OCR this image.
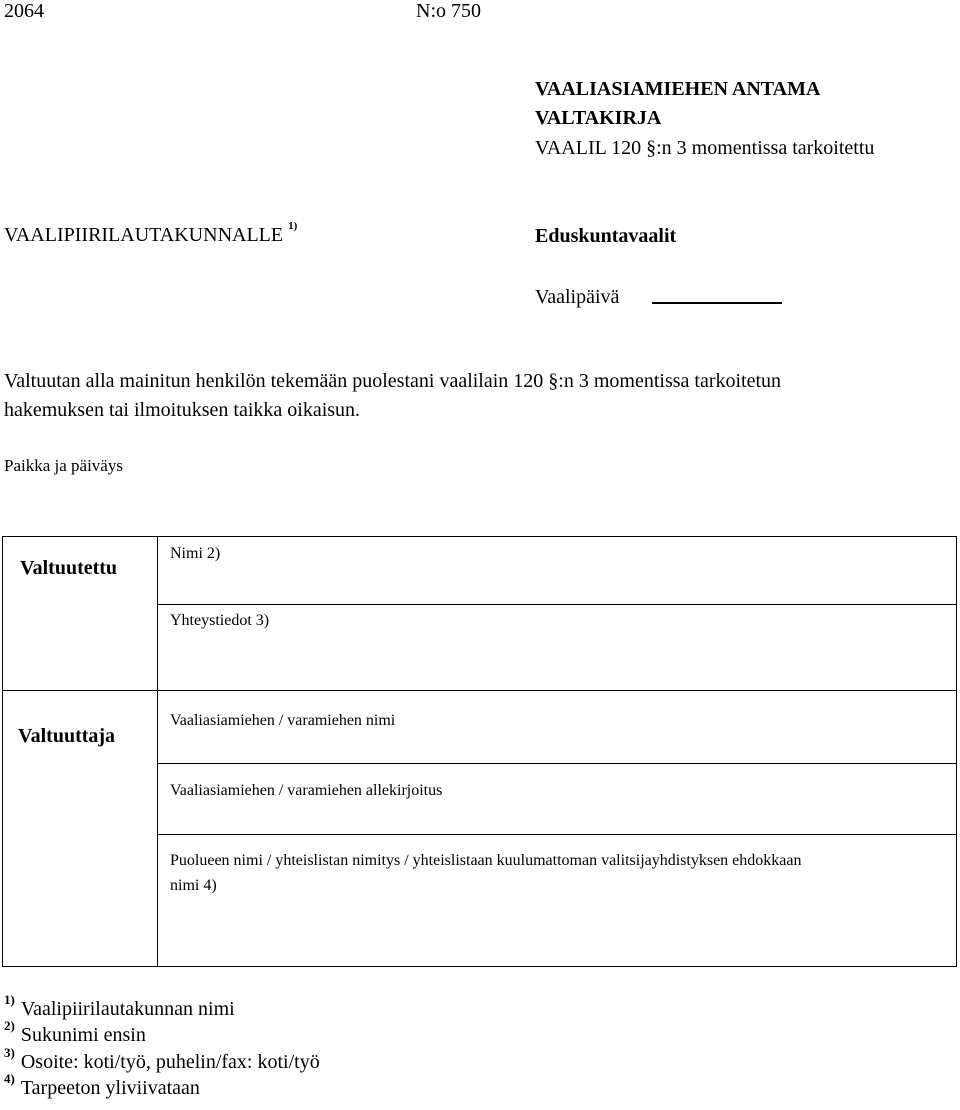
2064	N:o 750
VAALIASIAMIEHEN ANTAMA
VALTAKIRJA
VAALIL 120 §:n 3 momentissa tarkoitettu
VAALIPIIRILAUTAKUNNALLE $^{1)}$	Eduskuntavaalit
Vaalipäivä
Valtuutan alla mainitun henkilön tekemään puolestani vaalilain 120 §:n 3 momentissa tarkoitetun
hakemuksen tai ilmoituksen taikka oikaisun.
Paikka ja päiväys
Valtuutettu
Valtuuttaja
Nimi 2)
Yhteystiedot 3)
Vaaliasiamiehen / varamiehen nimi
Vaaliasiamiehen / varamiehen allekirjoitus
Puolueen nimi / yhteislistan nimitys / yhteislistaan kuulumattoman valitsijayhdistyksen ehdokkaan
nimi 4)
$^{1)}$ Vaalipiirilautakunnan nimi
$^{2)}$ Sukunimi ensin
$^{3)}$ Osoite: koti/työ, puhelin/fax: koti/työ
$^{4)}$ Tarpeeton yliviivataan
